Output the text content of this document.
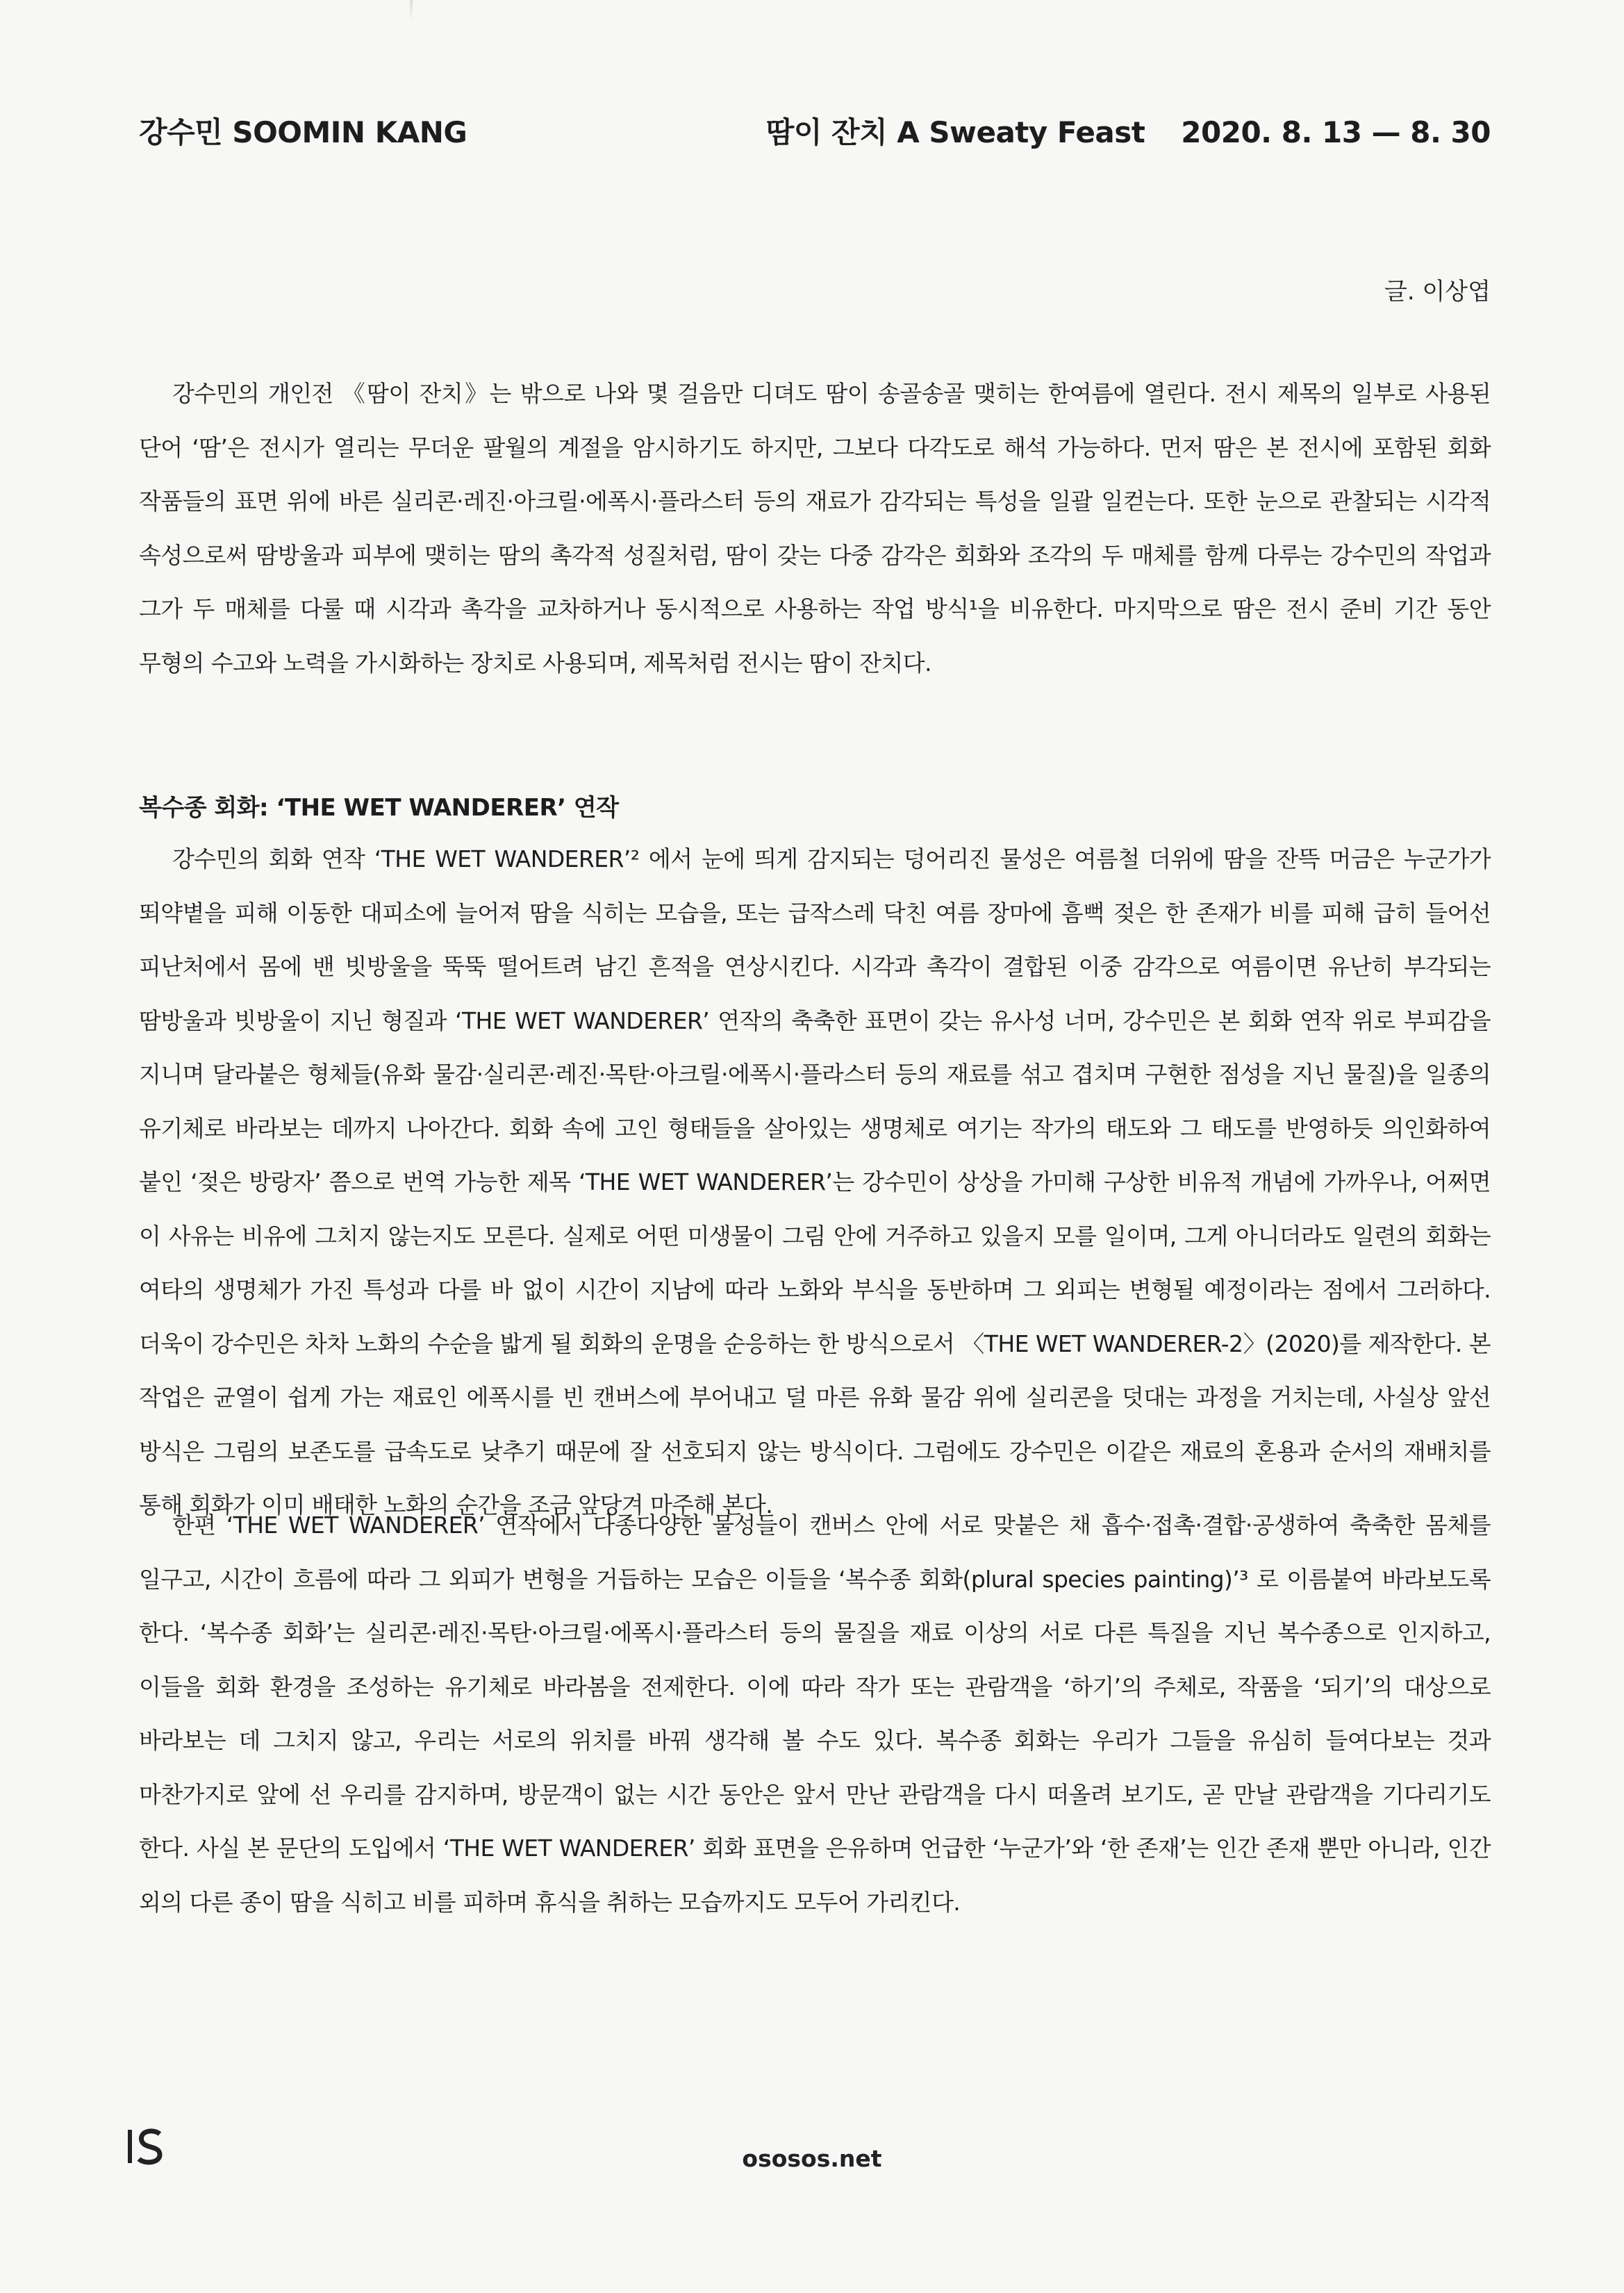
강수민 SOOMIN KANG	땀이 잔치 A Sweaty Feast 2020. 8. 13 — 8. 30
글. 이상엽

강수민의 개인전 《땀이 잔치》는 밖으로 나와 몇 걸음만 디뎌도 땀이 송골송골 맺히는 한여름에 열린다. 전시 제목의 일부로 사용된 단어 ‘땀’은 전시가 열리는 무더운 팔월의 계절을 암시하기도 하지만, 그보다 다각도로 해석 가능하다. 먼저 땀은 본 전시에 포함된 회화 작품들의 표면 위에 바른 실리콘·레진·아크릴·에폭시·플라스터 등의 재료가 감각되는 특성을 일괄 일컫는다. 또한 눈으로 관찰되는 시각적 속성으로써 땀방울과 피부에 맺히는 땀의 촉각적 성질처럼, 땀이 갖는 다중 감각은 회화와 조각의 두 매체를 함께 다루는 강수민의 작업과 그가 두 매체를 다룰 때 시각과 촉각을 교차하거나 동시적으로 사용하는 작업 방식¹을 비유한다. 마지막으로 땀은 전시 준비 기간 동안 무형의 수고와 노력을 가시화하는 장치로 사용되며, 제목처럼 전시는 땀이 잔치다.

복수종 회화: ‘THE WET WANDERER’ 연작

강수민의 회화 연작 ‘THE WET WANDERER’² 에서 눈에 띄게 감지되는 덩어리진 물성은 여름철 더위에 땀을 잔뜩 머금은 누군가가 뙤약볕을 피해 이동한 대피소에 늘어져 땀을 식히는 모습을, 또는 급작스레 닥친 여름 장마에 흠뻑 젖은 한 존재가 비를 피해 급히 들어선 피난처에서 몸에 밴 빗방울을 뚝뚝 떨어트려 남긴 흔적을 연상시킨다. 시각과 촉각이 결합된 이중 감각으로 여름이면 유난히 부각되는 땀방울과 빗방울이 지닌 형질과 ‘THE WET WANDERER’ 연작의 축축한 표면이 갖는 유사성 너머, 강수민은 본 회화 연작 위로 부피감을 지니며 달라붙은 형체들(유화 물감·실리콘·레진·목탄·아크릴·에폭시·플라스터 등의 재료를 섞고 겹치며 구현한 점성을 지닌 물질)을 일종의 유기체로 바라보는 데까지 나아간다. 회화 속에 고인 형태들을 살아있는 생명체로 여기는 작가의 태도와 그 태도를 반영하듯 의인화하여 붙인 ‘젖은 방랑자’ 쯤으로 번역 가능한 제목 ‘THE WET WANDERER’는 강수민이 상상을 가미해 구상한 비유적 개념에 가까우나, 어쩌면 이 사유는 비유에 그치지 않는지도 모른다. 실제로 어떤 미생물이 그림 안에 거주하고 있을지 모를 일이며, 그게 아니더라도 일련의 회화는 여타의 생명체가 가진 특성과 다를 바 없이 시간이 지남에 따라 노화와 부식을 동반하며 그 외피는 변형될 예정이라는 점에서 그러하다. 더욱이 강수민은 차차 노화의 수순을 밟게 될 회화의 운명을 순응하는 한 방식으로서 〈THE WET WANDERER-2〉(2020)를 제작한다. 본 작업은 균열이 쉽게 가는 재료인 에폭시를 빈 캔버스에 부어내고 덜 마른 유화 물감 위에 실리콘을 덧대는 과정을 거치는데, 사실상 앞선 방식은 그림의 보존도를 급속도로 낮추기 때문에 잘 선호되지 않는 방식이다. 그럼에도 강수민은 이같은 재료의 혼용과 순서의 재배치를 통해 회화가 이미 배태한 노화의 순간을 조금 앞당겨 마주해 본다.

한편 ‘THE WET WANDERER’ 연작에서 다종다양한 물성들이 캔버스 안에 서로 맞붙은 채 흡수·접촉·결합·공생하여 축축한 몸체를 일구고, 시간이 흐름에 따라 그 외피가 변형을 거듭하는 모습은 이들을 ‘복수종 회화(plural species painting)’³ 로 이름붙여 바라보도록 한다. ‘복수종 회화’는 실리콘·레진·목탄·아크릴·에폭시·플라스터 등의 물질을 재료 이상의 서로 다른 특질을 지닌 복수종으로 인지하고, 이들을 회화 환경을 조성하는 유기체로 바라봄을 전제한다. 이에 따라 작가 또는 관람객을 ‘하기’의 주체로, 작품을 ‘되기’의 대상으로 바라보는 데 그치지 않고, 우리는 서로의 위치를 바꿔 생각해 볼 수도 있다. 복수종 회화는 우리가 그들을 유심히 들여다보는 것과 마찬가지로 앞에 선 우리를 감지하며, 방문객이 없는 시간 동안은 앞서 만난 관람객을 다시 떠올려 보기도, 곧 만날 관람객을 기다리기도 한다. 사실 본 문단의 도입에서 ‘THE WET WANDERER’ 회화 표면을 은유하며 언급한 ‘누군가’와 ‘한 존재’는 인간 존재 뿐만 아니라, 인간 외의 다른 종이 땀을 식히고 비를 피하며 휴식을 취하는 모습까지도 모두어 가리킨다.

ososos.net
